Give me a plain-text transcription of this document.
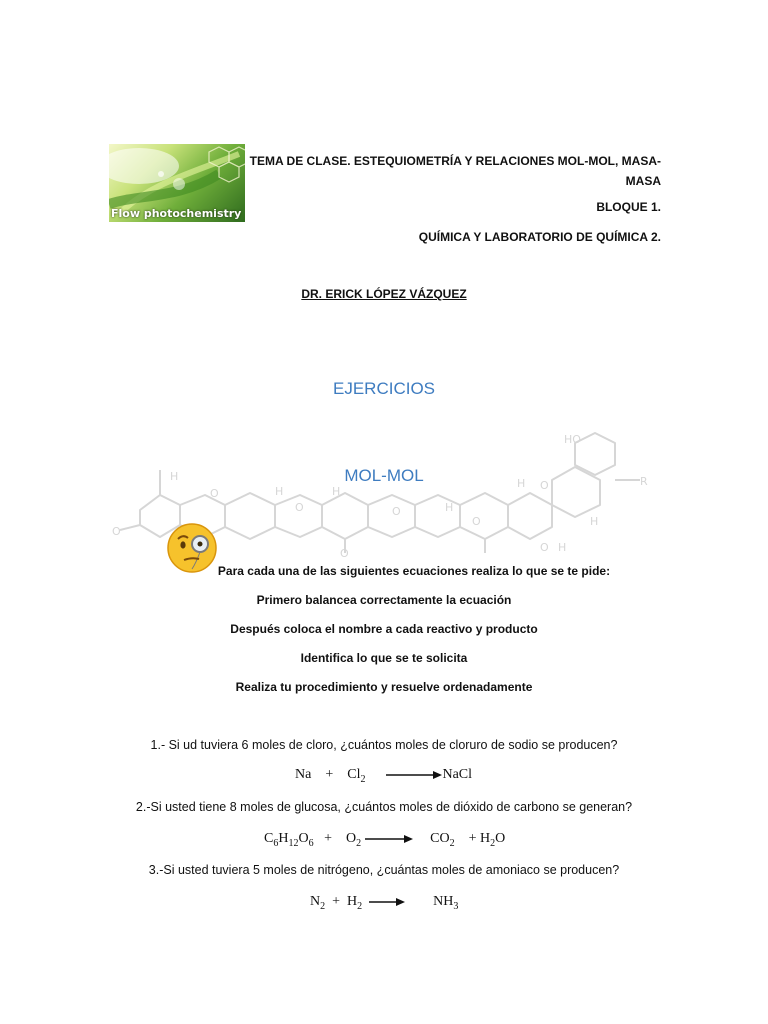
Flow photochemistry
TEMA DE CLASE. ESTEQUIOMETRÍA Y RELACIONES MOL-MOL, MASA-MASA
BLOQUE 1.
QUÍMICA Y LABORATORIO DE QUÍMICA 2.
DR. ERICK LÓPEZ VÁZQUEZ
O
H
O	H
O
H
O	H
O
H O
HO
R
H
H
O
O
EJERCICIOS
MOL-MOL
Para cada una de las siguientes ecuaciones realiza lo que se te pide:
Primero balancea correctamente la ecuación
Después coloca el nombre a cada reactivo y producto
Identifica lo que se te solicita
Realiza tu procedimiento y resuelve ordenadamente
1.- Si ud tuviera 6 moles de cloro, ¿cuántos moles de cloruro de sodio se producen?
$Na + Cl_2$ →NaCl
2.-Si usted tiene 8 moles de glucosa, ¿cuántos moles de dióxido de carbono se generan?
$C_6H_{12}O_6 + O_2 \to CO_2 + H_2O$
3.-Si usted tuviera 5 moles de nitrógeno, ¿cuántas moles de amoniaco se producen?
$N_2 + H_2 \to NH_3$
